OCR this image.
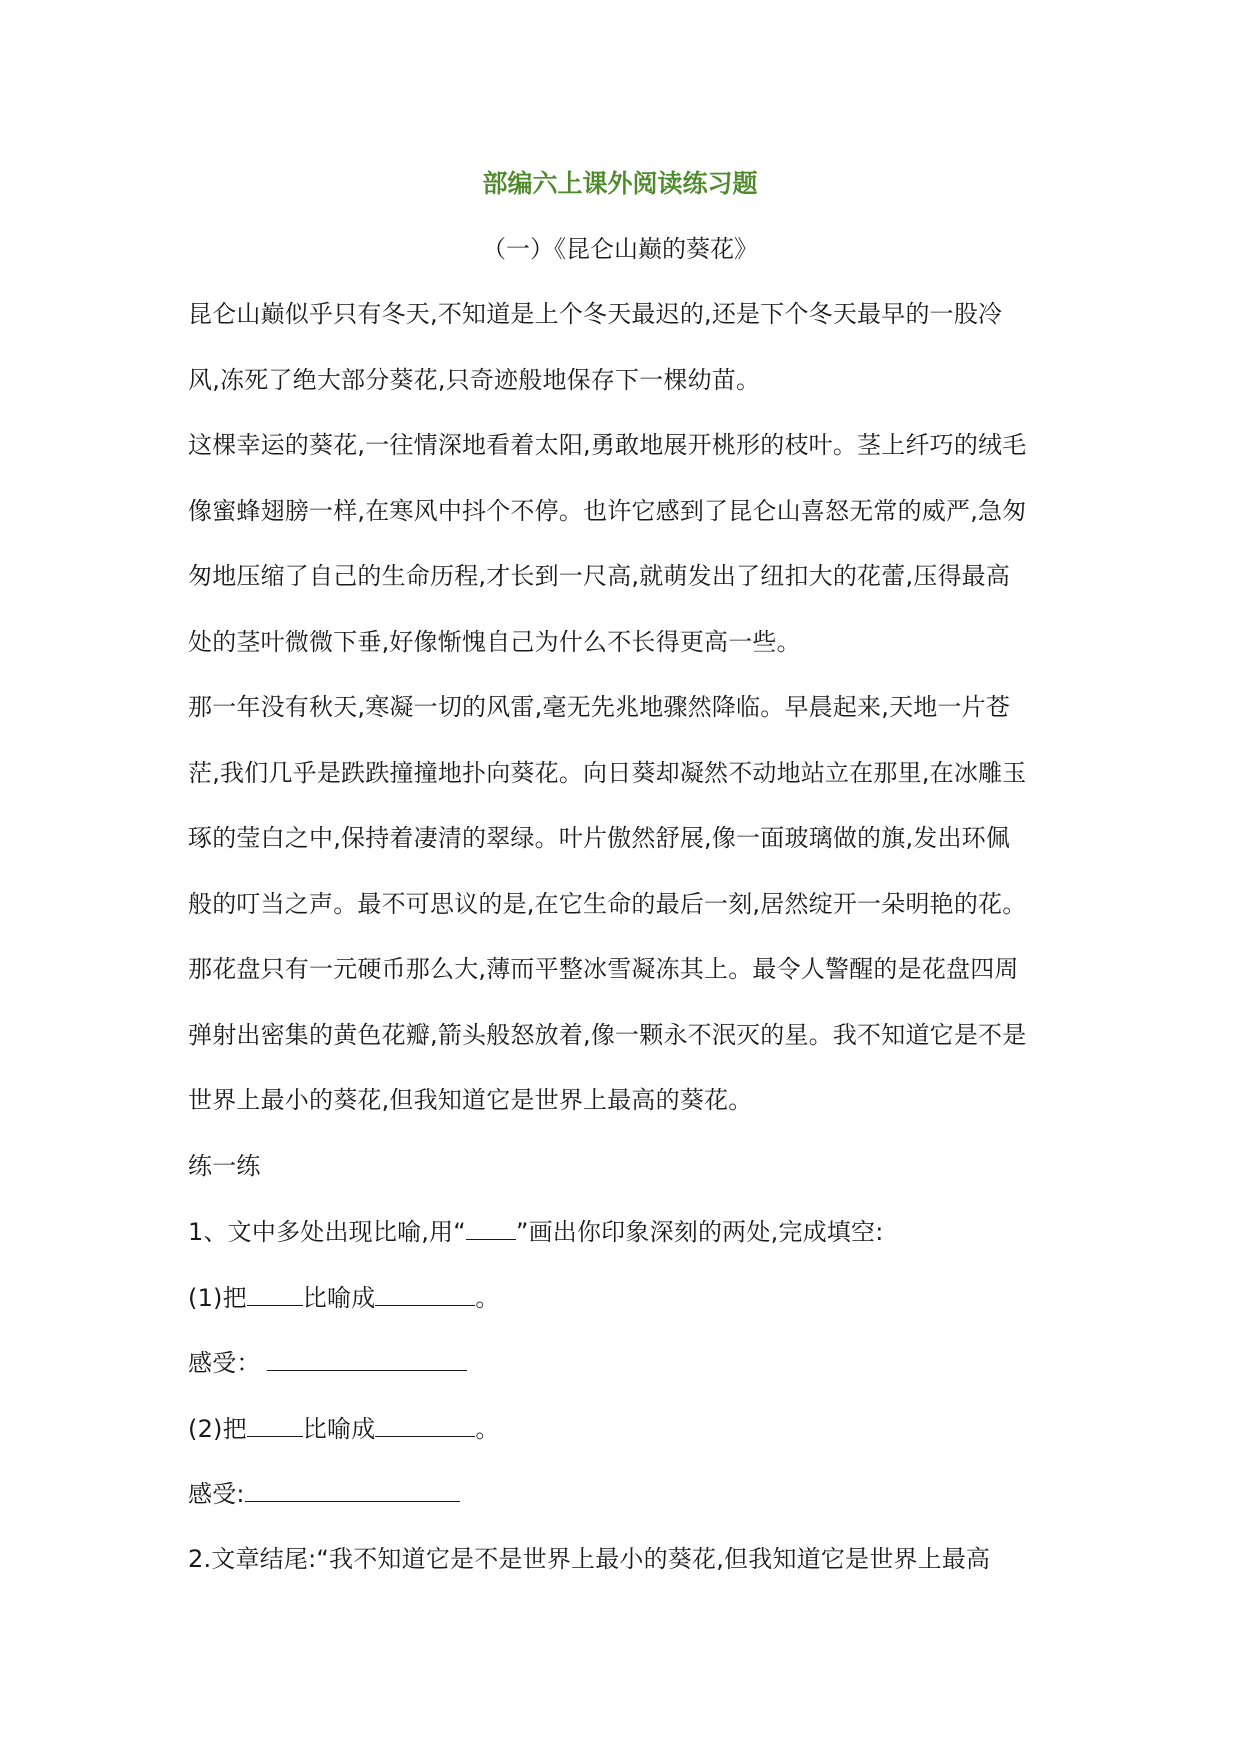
部编六上课外阅读练习题
（一）《昆仑山巅的葵花》
昆仑山巅似乎只有冬天,不知道是上个冬天最迟的,还是下个冬天最早的一股冷
风,冻死了绝大部分葵花,只奇迹般地保存下一棵幼苗。
这棵幸运的葵花,一往情深地看着太阳,勇敢地展开桃形的枝叶。茎上纤巧的绒毛
像蜜蜂翅膀一样,在寒风中抖个不停。也许它感到了昆仑山喜怒无常的威严,急匆
匆地压缩了自己的生命历程,才长到一尺高,就萌发出了纽扣大的花蕾,压得最高
处的茎叶微微下垂,好像惭愧自己为什么不长得更高一些。
那一年没有秋天,寒凝一切的风雷,毫无先兆地骤然降临。早晨起来,天地一片苍
茫,我们几乎是跌跌撞撞地扑向葵花。向日葵却凝然不动地站立在那里,在冰雕玉
琢的莹白之中,保持着凄清的翠绿。叶片傲然舒展,像一面玻璃做的旗,发出环佩
般的叮当之声。最不可思议的是,在它生命的最后一刻,居然绽开一朵明艳的花。
那花盘只有一元硬币那么大,薄而平整冰雪凝冻其上。最令人警醒的是花盘四周
弹射出密集的黄色花瓣,箭头般怒放着,像一颗永不泯灭的星。我不知道它是不是
世界上最小的葵花,但我知道它是世界上最高的葵花。
练一练
1、文中多处出现比喻,用“ ”画出你印象深刻的两处,完成填空:
(1)把 比喻成	。
感受：
(2)把 比喻成	。
感受:
2.文章结尾:“我不知道它是不是世界上最小的葵花,但我知道它是世界上最高
